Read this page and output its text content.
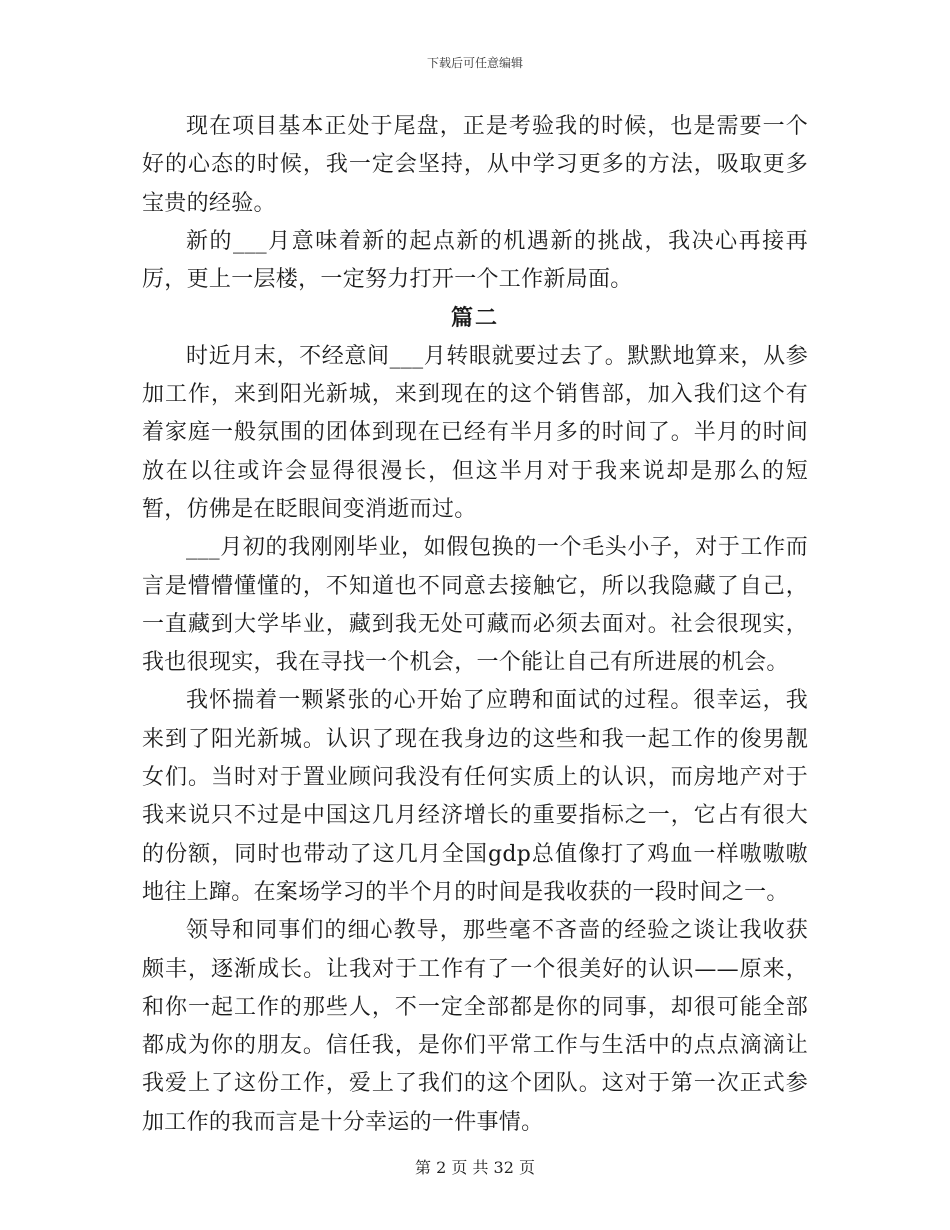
下载后可任意编辑

现在项目基本正处于尾盘，正是考验我的时候，也是需要一个好的心态的时候，我一定会坚持，从中学习更多的方法，吸取更多宝贵的经验。

新的___月意味着新的起点新的机遇新的挑战，我决心再接再厉，更上一层楼，一定努力打开一个工作新局面。

篇二

时近月末，不经意间___月转眼就要过去了。默默地算来，从参加工作，来到阳光新城，来到现在的这个销售部，加入我们这个有着家庭一般氛围的团体到现在已经有半月多的时间了。半月的时间放在以往或许会显得很漫长，但这半月对于我来说却是那么的短暂，仿佛是在眨眼间变消逝而过。

___月初的我刚刚毕业，如假包换的一个毛头小子，对于工作而言是懵懵懂懂的，不知道也不同意去接触它，所以我隐藏了自己，一直藏到大学毕业，藏到我无处可藏而必须去面对。社会很现实，我也很现实，我在寻找一个机会，一个能让自己有所进展的机会。

我怀揣着一颗紧张的心开始了应聘和面试的过程。很幸运，我来到了阳光新城。认识了现在我身边的这些和我一起工作的俊男靓女们。当时对于置业顾问我没有任何实质上的认识，而房地产对于我来说只不过是中国这几月经济增长的重要指标之一，它占有很大的份额，同时也带动了这几月全国gdp总值像打了鸡血一样嗷嗷嗷地往上蹿。在案场学习的半个月的时间是我收获的一段时间之一。

领导和同事们的细心教导，那些毫不吝啬的经验之谈让我收获颇丰，逐渐成长。让我对于工作有了一个很美好的认识——原来，和你一起工作的那些人，不一定全部都是你的同事，却很可能全部都成为你的朋友。信任我，是你们平常工作与生活中的点点滴滴让我爱上了这份工作，爱上了我们的这个团队。这对于第一次正式参加工作的我而言是十分幸运的一件事情。

第 2 页 共 32 页
